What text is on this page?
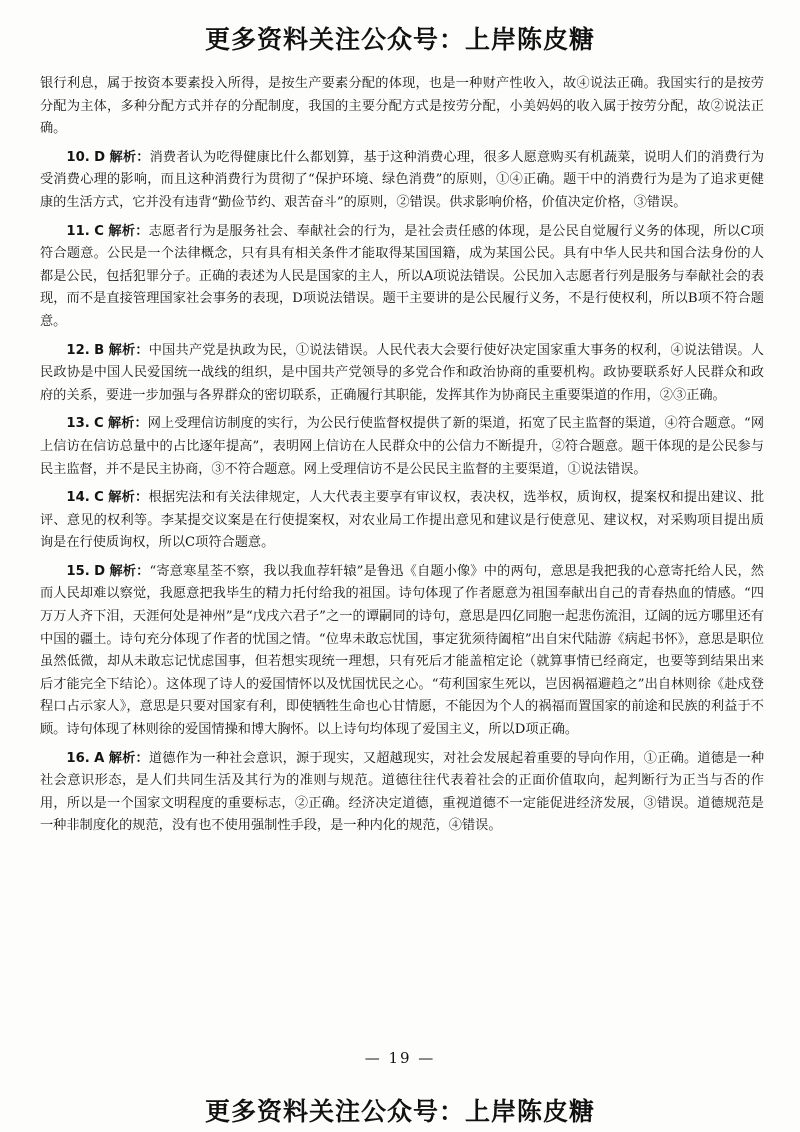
更多资料关注公众号：上岸陈皮糖

银行利息，属于按资本要素投入所得，是按生产要素分配的体现，也是一种财产性收入，故④说法正确。我国实行的是按劳分配为主体，多种分配方式并存的分配制度，我国的主要分配方式是按劳分配，小美妈妈的收入属于按劳分配，故②说法正确。

10. D 解析：消费者认为吃得健康比什么都划算，基于这种消费心理，很多人愿意购买有机蔬菜，说明人们的消费行为受消费心理的影响，而且这种消费行为贯彻了“保护环境、绿色消费”的原则，①④正确。题干中的消费行为是为了追求更健康的生活方式，它并没有违背“勤俭节约、艰苦奋斗”的原则，②错误。供求影响价格，价值决定价格，③错误。

11. C 解析：志愿者行为是服务社会、奉献社会的行为，是社会责任感的体现，是公民自觉履行义务的体现，所以C项符合题意。公民是一个法律概念，只有具有相关条件才能取得某国国籍，成为某国公民。具有中华人民共和国合法身份的人都是公民，包括犯罪分子。正确的表述为人民是国家的主人，所以A项说法错误。公民加入志愿者行列是服务与奉献社会的表现，而不是直接管理国家社会事务的表现，D项说法错误。题干主要讲的是公民履行义务，不是行使权利，所以B项不符合题意。

12. B 解析：中国共产党是执政为民，①说法错误。人民代表大会要行使好决定国家重大事务的权利，④说法错误。人民政协是中国人民爱国统一战线的组织，是中国共产党领导的多党合作和政治协商的重要机构。政协要联系好人民群众和政府的关系，要进一步加强与各界群众的密切联系，正确履行其职能，发挥其作为协商民主重要渠道的作用，②③正确。

13. C 解析：网上受理信访制度的实行，为公民行使监督权提供了新的渠道，拓宽了民主监督的渠道，④符合题意。“网上信访在信访总量中的占比逐年提高”，表明网上信访在人民群众中的公信力不断提升，②符合题意。题干体现的是公民参与民主监督，并不是民主协商，③不符合题意。网上受理信访不是公民民主监督的主要渠道，①说法错误。

14. C 解析：根据宪法和有关法律规定，人大代表主要享有审议权，表决权，选举权，质询权，提案权和提出建议、批评、意见的权利等。李某提交议案是在行使提案权，对农业局工作提出意见和建议是行使意见、建议权，对采购项目提出质询是在行使质询权，所以C项符合题意。

15. D 解析：“寄意寒星荃不察，我以我血荐轩辕”是鲁迅《自题小像》中的两句，意思是我把我的心意寄托给人民，然而人民却难以察觉，我愿意把我毕生的精力托付给我的祖国。诗句体现了作者愿意为祖国奉献出自己的青春热血的情感。“四万万人齐下泪，天涯何处是神州”是“戊戌六君子”之一的谭嗣同的诗句，意思是四亿同胞一起悲伤流泪，辽阔的远方哪里还有中国的疆土。诗句充分体现了作者的忧国之情。“位卑未敢忘忧国，事定犹须待阖棺”出自宋代陆游《病起书怀》，意思是职位虽然低微，却从未敢忘记忧虑国事，但若想实现统一理想，只有死后才能盖棺定论（就算事情已经商定，也要等到结果出来后才能完全下结论）。这体现了诗人的爱国情怀以及忧国忧民之心。“苟利国家生死以，岂因祸福避趋之”出自林则徐《赴戍登程口占示家人》，意思是只要对国家有利，即使牺牲生命也心甘情愿，不能因为个人的祸福而置国家的前途和民族的利益于不顾。诗句体现了林则徐的爱国情操和博大胸怀。以上诗句均体现了爱国主义，所以D项正确。

16. A 解析：道德作为一种社会意识，源于现实，又超越现实，对社会发展起着重要的导向作用，①正确。道德是一种社会意识形态，是人们共同生活及其行为的准则与规范。道德往往代表着社会的正面价值取向，起判断行为正当与否的作用，所以是一个国家文明程度的重要标志，②正确。经济决定道德，重视道德不一定能促进经济发展，③错误。道德规范是一种非制度化的规范，没有也不使用强制性手段，是一种内化的规范，④错误。

— 19 —
更多资料关注公众号：上岸陈皮糖
